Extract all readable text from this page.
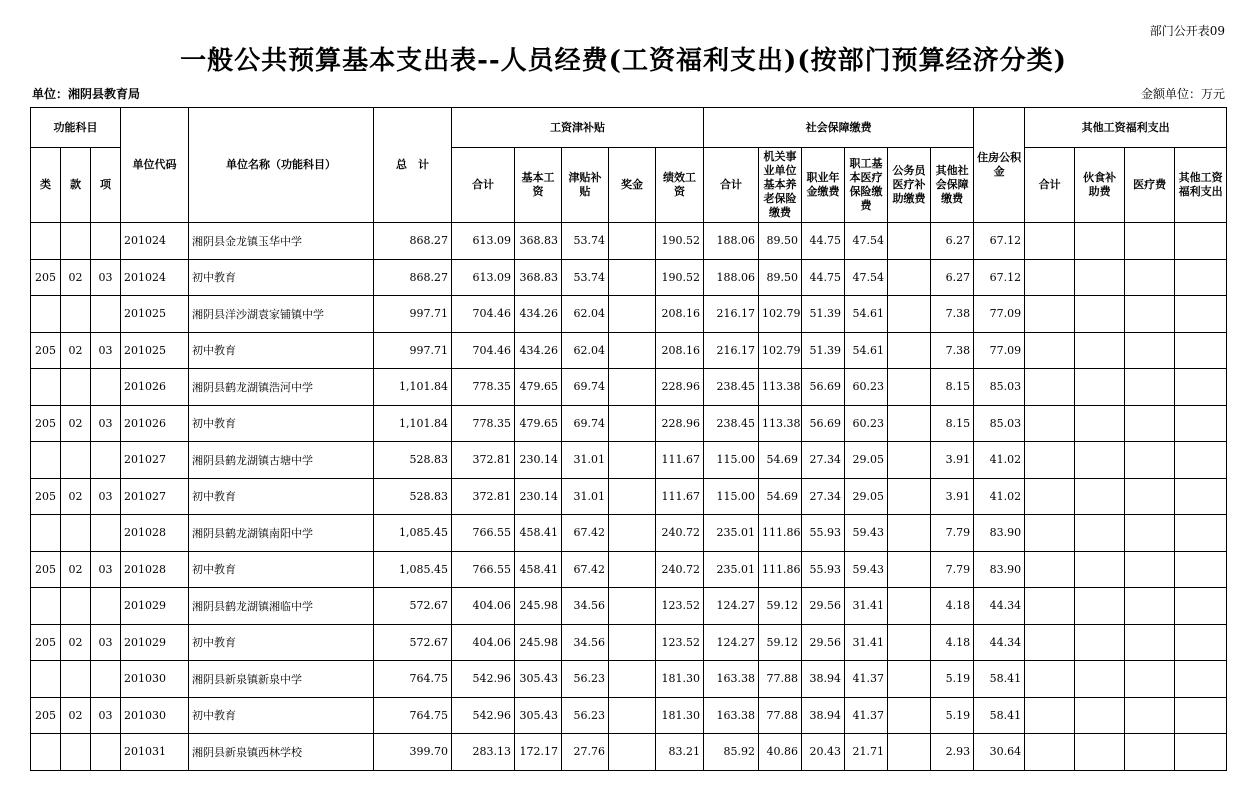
部门公开表09
一般公共预算基本支出表--人员经费(工资福利支出)(按部门预算经济分类)
单位：湘阴县教育局	金额单位：万元
功能科目			单位代码	单位名称（功能科目）	总　计	工资津补贴					社会保障缴费						住房公积金	其他工资福利支出			
类	款	项				合计	基本工资	津贴补贴	奖金	绩效工资	合计	机关事业单位基本养老保险缴费	职业年金缴费	职工基本医疗保险缴费	公务员医疗补助缴费	其他社会保障缴费		合计	伙食补助费	医疗费	其他工资福利支出
			201024	湘阴县金龙镇玉华中学	868.27	613.09	368.83	53.74		190.52	188.06	89.50	44.75	47.54		6.27	67.12				
205	02	03	201024	初中教育	868.27	613.09	368.83	53.74		190.52	188.06	89.50	44.75	47.54		6.27	67.12				
			201025	湘阴县洋沙湖袁家铺镇中学	997.71	704.46	434.26	62.04		208.16	216.17	102.79	51.39	54.61		7.38	77.09				
205	02	03	201025	初中教育	997.71	704.46	434.26	62.04		208.16	216.17	102.79	51.39	54.61		7.38	77.09				
			201026	湘阴县鹤龙湖镇浩河中学	1,101.84	778.35	479.65	69.74		228.96	238.45	113.38	56.69	60.23		8.15	85.03				
205	02	03	201026	初中教育	1,101.84	778.35	479.65	69.74		228.96	238.45	113.38	56.69	60.23		8.15	85.03				
			201027	湘阴县鹤龙湖镇古塘中学	528.83	372.81	230.14	31.01		111.67	115.00	54.69	27.34	29.05		3.91	41.02				
205	02	03	201027	初中教育	528.83	372.81	230.14	31.01		111.67	115.00	54.69	27.34	29.05		3.91	41.02				
			201028	湘阴县鹤龙湖镇南阳中学	1,085.45	766.55	458.41	67.42		240.72	235.01	111.86	55.93	59.43		7.79	83.90				
205	02	03	201028	初中教育	1,085.45	766.55	458.41	67.42		240.72	235.01	111.86	55.93	59.43		7.79	83.90				
			201029	湘阴县鹤龙湖镇湘临中学	572.67	404.06	245.98	34.56		123.52	124.27	59.12	29.56	31.41		4.18	44.34				
205	02	03	201029	初中教育	572.67	404.06	245.98	34.56		123.52	124.27	59.12	29.56	31.41		4.18	44.34				
			201030	湘阴县新泉镇新泉中学	764.75	542.96	305.43	56.23		181.30	163.38	77.88	38.94	41.37		5.19	58.41				
205	02	03	201030	初中教育	764.75	542.96	305.43	56.23		181.30	163.38	77.88	38.94	41.37		5.19	58.41				
			201031	湘阴县新泉镇西林学校	399.70	283.13	172.17	27.76		83.21	85.92	40.86	20.43	21.71		2.93	30.64				
